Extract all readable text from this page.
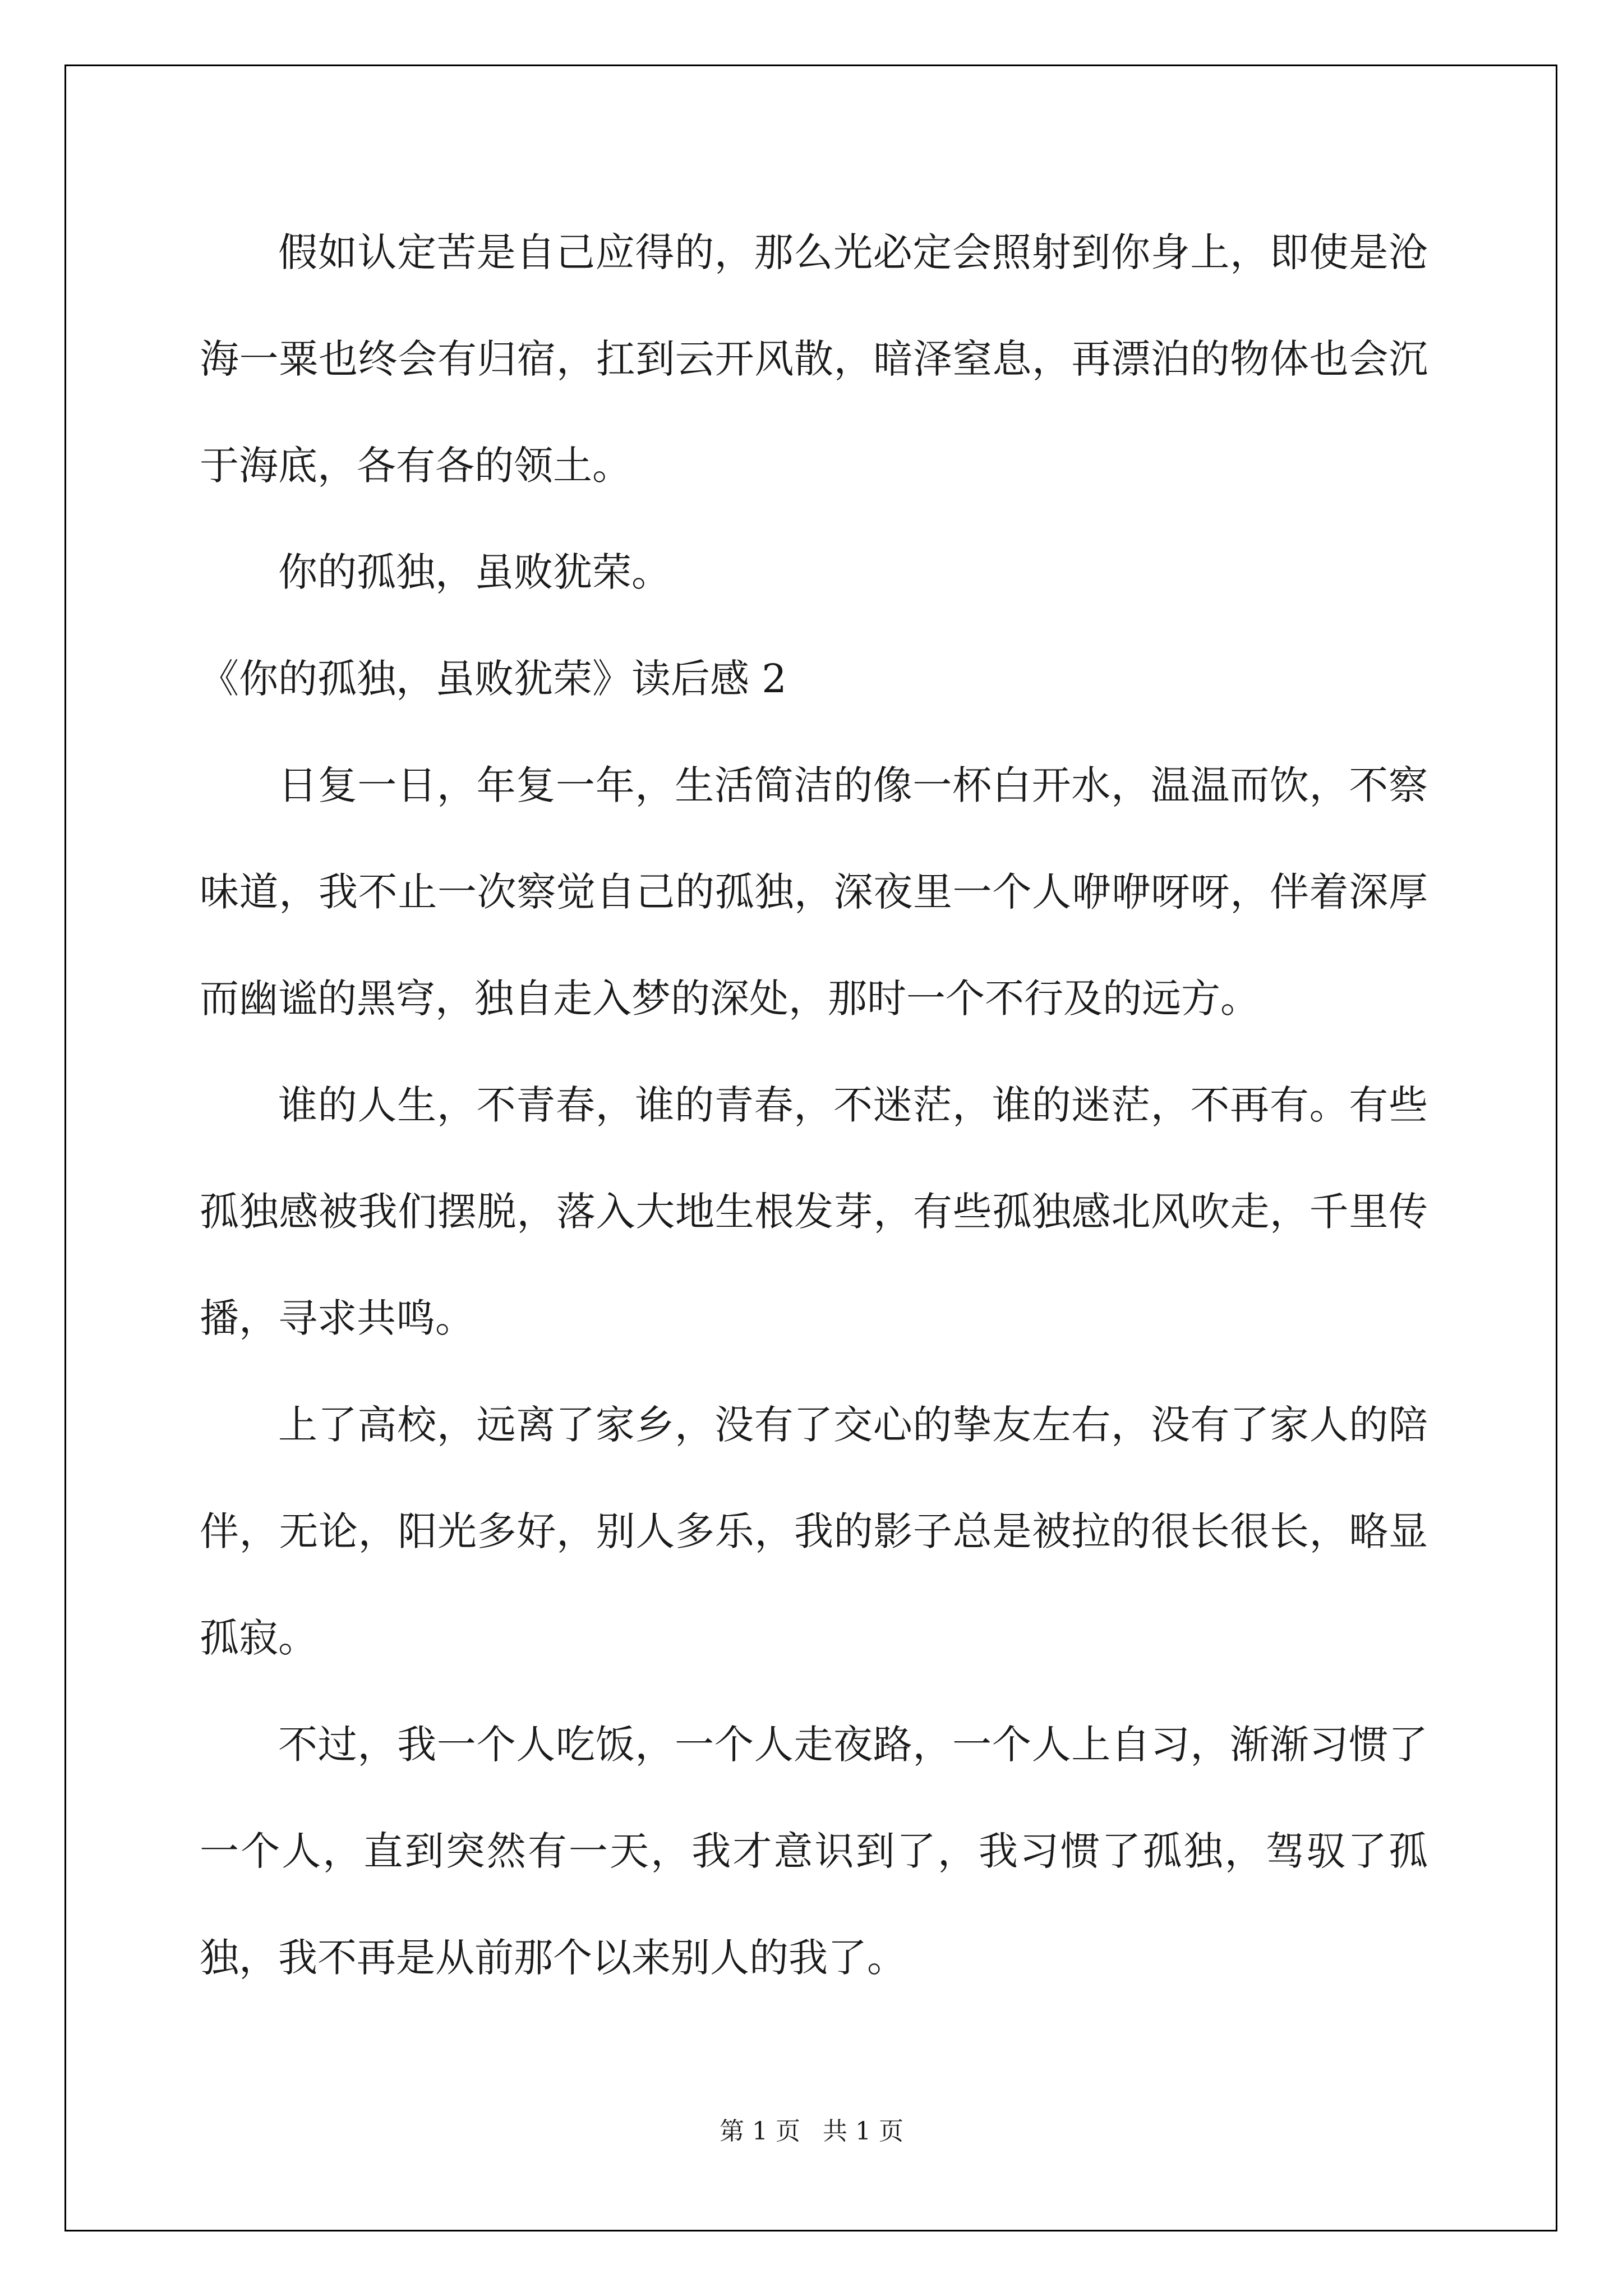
假如认定苦是自己应得的，那么光必定会照射到你身上，即使是沧海一粟也终会有归宿，扛到云开风散，暗泽窒息，再漂泊的物体也会沉于海底，各有各的领土。

你的孤独，虽败犹荣。

《你的孤独，虽败犹荣》读后感 2

日复一日，年复一年，生活简洁的像一杯白开水，温温而饮，不察味道，我不止一次察觉自己的孤独，深夜里一个人咿咿呀呀，伴着深厚而幽谧的黑穹，独自走入梦的深处，那时一个不行及的远方。

谁的人生，不青春，谁的青春，不迷茫，谁的迷茫，不再有。有些孤独感被我们摆脱，落入大地生根发芽，有些孤独感北风吹走，千里传播，寻求共鸣。

上了高校，远离了家乡，没有了交心的挚友左右，没有了家人的陪伴，无论，阳光多好，别人多乐，我的影子总是被拉的很长很长，略显孤寂。

不过，我一个人吃饭，一个人走夜路，一个人上自习，渐渐习惯了一个人，直到突然有一天，我才意识到了，我习惯了孤独，驾驭了孤独，我不再是从前那个以来别人的我了。

第 1 页 共 1 页
